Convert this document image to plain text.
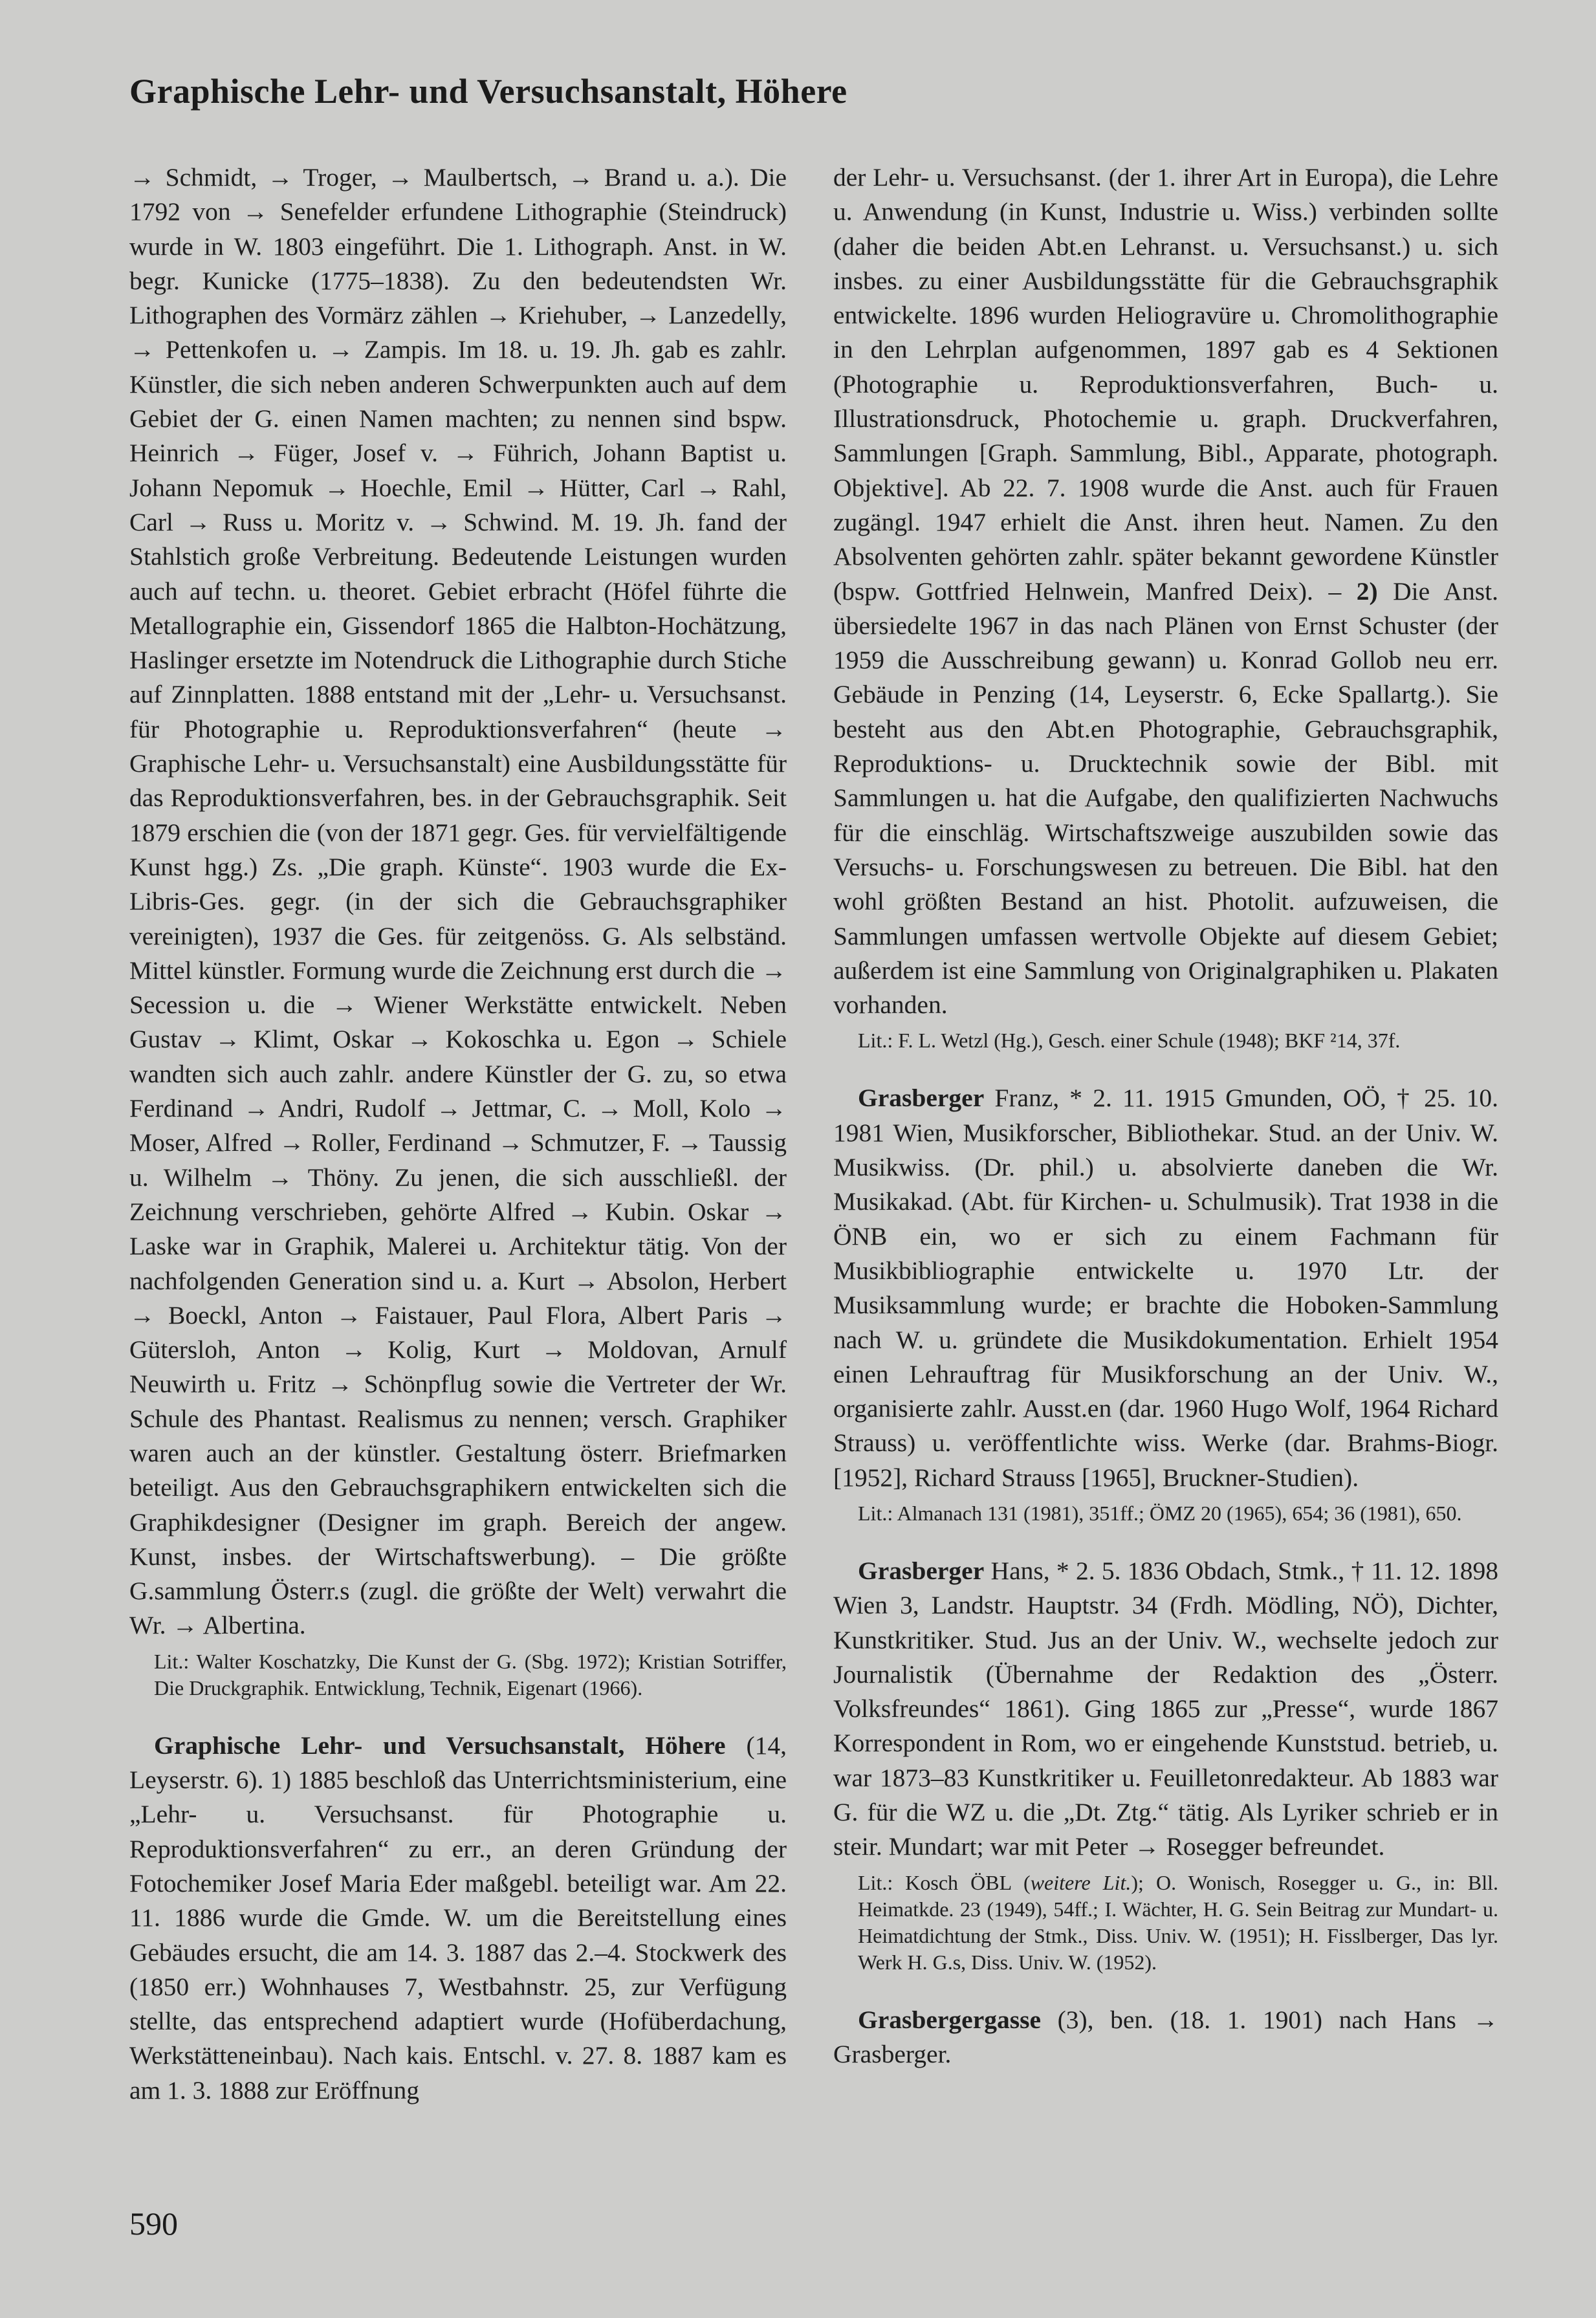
Graphische Lehr- und Versuchsanstalt, Höhere

→ Schmidt, → Troger, → Maulbertsch, → Brand u. a.). Die 1792 von → Senefelder erfundene Lithographie (Steindruck) wurde in W. 1803 eingeführt. Die 1. Lithograph. Anst. in W. begr. Kunicke (1775–1838). Zu den bedeutendsten Wr. Lithographen des Vormärz zählen → Kriehuber, → Lanzedelly, → Pettenkofen u. → Zampis. Im 18. u. 19. Jh. gab es zahlr. Künstler, die sich neben anderen Schwerpunkten auch auf dem Gebiet der G. einen Namen machten; zu nennen sind bspw. Heinrich → Füger, Josef v. → Führich, Johann Baptist u. Johann Nepomuk → Hoechle, Emil → Hütter, Carl → Rahl, Carl → Russ u. Moritz v. → Schwind. M. 19. Jh. fand der Stahlstich große Verbreitung. Bedeutende Leistungen wurden auch auf techn. u. theoret. Gebiet erbracht (Höfel führte die Metallographie ein, Gissendorf 1865 die Halbton-Hochätzung, Haslinger ersetzte im Notendruck die Lithographie durch Stiche auf Zinnplatten. 1888 entstand mit der „Lehr- u. Versuchsanst. für Photographie u. Reproduktionsverfahren“ (heute → Graphische Lehr- u. Versuchsanstalt) eine Ausbildungsstätte für das Reproduktionsverfahren, bes. in der Gebrauchsgraphik. Seit 1879 erschien die (von der 1871 gegr. Ges. für vervielfältigende Kunst hgg.) Zs. „Die graph. Künste“. 1903 wurde die Ex-Libris-Ges. gegr. (in der sich die Gebrauchsgraphiker vereinigten), 1937 die Ges. für zeitgenöss. G. Als selbständ. Mittel künstler. Formung wurde die Zeichnung erst durch die → Secession u. die → Wiener Werkstätte entwickelt. Neben Gustav → Klimt, Oskar → Kokoschka u. Egon → Schiele wandten sich auch zahlr. andere Künstler der G. zu, so etwa Ferdinand → Andri, Rudolf → Jettmar, C. → Moll, Kolo → Moser, Alfred → Roller, Ferdinand → Schmutzer, F. → Taussig u. Wilhelm → Thöny. Zu jenen, die sich ausschließl. der Zeichnung verschrieben, gehörte Alfred → Kubin. Oskar → Laske war in Graphik, Malerei u. Architektur tätig. Von der nachfolgenden Generation sind u. a. Kurt → Absolon, Herbert → Boeckl, Anton → Faistauer, Paul Flora, Albert Paris → Gütersloh, Anton → Kolig, Kurt → Moldovan, Arnulf Neuwirth u. Fritz → Schönpflug sowie die Vertreter der Wr. Schule des Phantast. Realismus zu nennen; versch. Graphiker waren auch an der künstler. Gestaltung österr. Briefmarken beteiligt. Aus den Gebrauchsgraphikern entwickelten sich die Graphikdesigner (Designer im graph. Bereich der angew. Kunst, insbes. der Wirtschaftswerbung). – Die größte G.sammlung Österr.s (zugl. die größte der Welt) verwahrt die Wr. → Albertina.

Lit.: Walter Koschatzky, Die Kunst der G. (Sbg. 1972); Kristian Sotriffer, Die Druckgraphik. Entwicklung, Technik, Eigenart (1966).

Graphische Lehr- und Versuchsanstalt, Höhere (14, Leyserstr. 6). 1) 1885 beschloß das Unterrichtsministerium, eine „Lehr- u. Versuchsanst. für Photographie u. Reproduktionsverfahren“ zu err., an deren Gründung der Fotochemiker Josef Maria Eder maßgebl. beteiligt war. Am 22. 11. 1886 wurde die Gmde. W. um die Bereitstellung eines Gebäudes ersucht, die am 14. 3. 1887 das 2.–4. Stockwerk des (1850 err.) Wohnhauses 7, Westbahnstr. 25, zur Verfügung stellte, das entsprechend adaptiert wurde (Hofüberdachung, Werkstätteneinbau). Nach kais. Entschl. v. 27. 8. 1887 kam es am 1. 3. 1888 zur Eröffnung

der Lehr- u. Versuchsanst. (der 1. ihrer Art in Europa), die Lehre u. Anwendung (in Kunst, Industrie u. Wiss.) verbinden sollte (daher die beiden Abt.en Lehranst. u. Versuchsanst.) u. sich insbes. zu einer Ausbildungsstätte für die Gebrauchsgraphik entwickelte. 1896 wurden Heliogravüre u. Chromolithographie in den Lehrplan aufgenommen, 1897 gab es 4 Sektionen (Photographie u. Reproduktionsverfahren, Buch- u. Illustrationsdruck, Photochemie u. graph. Druckverfahren, Sammlungen [Graph. Sammlung, Bibl., Apparate, photograph. Objektive]. Ab 22. 7. 1908 wurde die Anst. auch für Frauen zugängl. 1947 erhielt die Anst. ihren heut. Namen. Zu den Absolventen gehörten zahlr. später bekannt gewordene Künstler (bspw. Gottfried Helnwein, Manfred Deix). – 2) Die Anst. übersiedelte 1967 in das nach Plänen von Ernst Schuster (der 1959 die Ausschreibung gewann) u. Konrad Gollob neu err. Gebäude in Penzing (14, Leyserstr. 6, Ecke Spallartg.). Sie besteht aus den Abt.en Photographie, Gebrauchsgraphik, Reproduktions- u. Drucktechnik sowie der Bibl. mit Sammlungen u. hat die Aufgabe, den qualifizierten Nachwuchs für die einschläg. Wirtschaftszweige auszubilden sowie das Versuchs- u. Forschungswesen zu betreuen. Die Bibl. hat den wohl größten Bestand an hist. Photolit. aufzuweisen, die Sammlungen umfassen wertvolle Objekte auf diesem Gebiet; außerdem ist eine Sammlung von Originalgraphiken u. Plakaten vorhanden.

Lit.: F. L. Wetzl (Hg.), Gesch. einer Schule (1948); BKF ²14, 37f.

Grasberger Franz, * 2. 11. 1915 Gmunden, OÖ, † 25. 10. 1981 Wien, Musikforscher, Bibliothekar. Stud. an der Univ. W. Musikwiss. (Dr. phil.) u. absolvierte daneben die Wr. Musikakad. (Abt. für Kirchen- u. Schulmusik). Trat 1938 in die ÖNB ein, wo er sich zu einem Fachmann für Musikbibliographie entwickelte u. 1970 Ltr. der Musiksammlung wurde; er brachte die Hoboken-Sammlung nach W. u. gründete die Musikdokumentation. Erhielt 1954 einen Lehrauftrag für Musikforschung an der Univ. W., organisierte zahlr. Ausst.en (dar. 1960 Hugo Wolf, 1964 Richard Strauss) u. veröffentlichte wiss. Werke (dar. Brahms-Biogr. [1952], Richard Strauss [1965], Bruckner-Studien).

Lit.: Almanach 131 (1981), 351ff.; ÖMZ 20 (1965), 654; 36 (1981), 650.

Grasberger Hans, * 2. 5. 1836 Obdach, Stmk., † 11. 12. 1898 Wien 3, Landstr. Hauptstr. 34 (Frdh. Mödling, NÖ), Dichter, Kunstkritiker. Stud. Jus an der Univ. W., wechselte jedoch zur Journalistik (Übernahme der Redaktion des „Österr. Volksfreundes“ 1861). Ging 1865 zur „Presse“, wurde 1867 Korrespondent in Rom, wo er eingehende Kunststud. betrieb, u. war 1873–83 Kunstkritiker u. Feuilletonredakteur. Ab 1883 war G. für die WZ u. die „Dt. Ztg.“ tätig. Als Lyriker schrieb er in steir. Mundart; war mit Peter → Rosegger befreundet.

Lit.: Kosch ÖBL (weitere Lit.); O. Wonisch, Rosegger u. G., in: Bll. Heimatkde. 23 (1949), 54ff.; I. Wächter, H. G. Sein Beitrag zur Mundart- u. Heimatdichtung der Stmk., Diss. Univ. W. (1951); H. Fisslberger, Das lyr. Werk H. G.s, Diss. Univ. W. (1952).

Grasbergergasse (3), ben. (18. 1. 1901) nach Hans → Grasberger.

590
